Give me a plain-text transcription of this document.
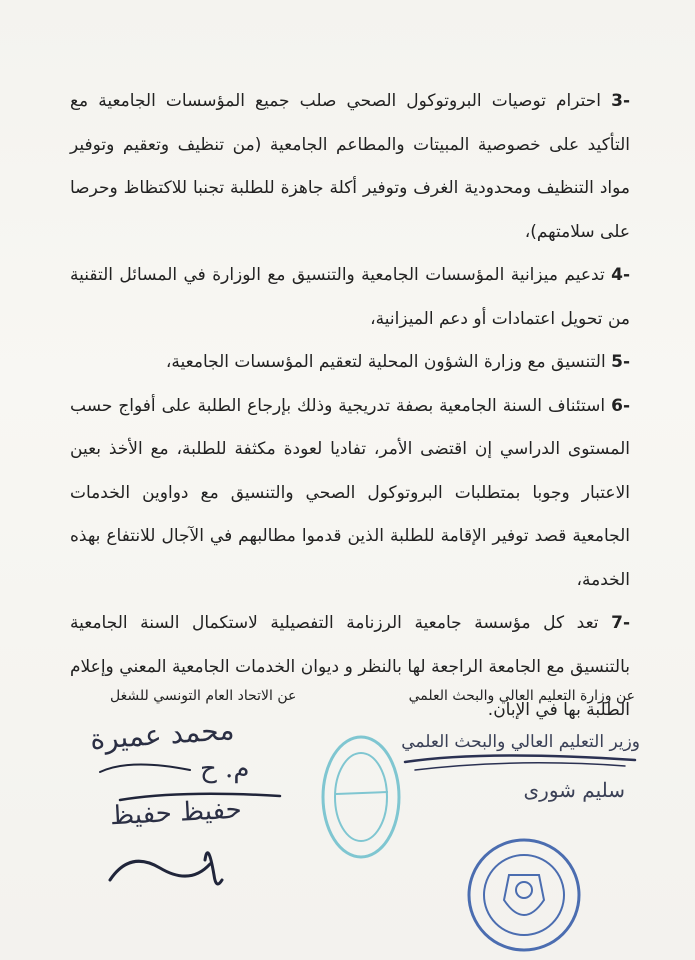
-3 احترام توصيات البروتوكول الصحي صلب جميع المؤسسات الجامعية مع التأكيد على خصوصية المبيتات والمطاعم الجامعية (من تنظيف وتعقيم وتوفير مواد التنظيف ومحدودية الغرف وتوفير أكلة جاهزة للطلبة تجنبا للاكتظاظ وحرصا على سلامتهم)،

-4 تدعيم ميزانية المؤسسات الجامعية والتنسيق مع الوزارة في المسائل التقنية من تحويل اعتمادات أو دعم الميزانية،

-5 التنسيق مع وزارة الشؤون المحلية لتعقيم المؤسسات الجامعية،

-6 استئناف السنة الجامعية بصفة تدريجية وذلك بإرجاع الطلبة على أفواج حسب المستوى الدراسي إن اقتضى الأمر، تفاديا لعودة مكثفة للطلبة، مع الأخذ بعين الاعتبار وجوبا بمتطلبات البروتوكول الصحي والتنسيق مع دواوين الخدمات الجامعية قصد توفير الإقامة للطلبة الذين قدموا مطالبهم في الآجال للانتفاع بهذه الخدمة،

-7 تعد كل مؤسسة جامعية الرزنامة التفصيلية لاستكمال السنة الجامعية بالتنسيق مع الجامعة الراجعة لها بالنظر و ديوان الخدمات الجامعية المعني وإعلام الطلبة بها في الإبان.

عن الاتحاد العام التونسي للشغل	عن وزارة التعليم العالي والبحث العلمي
محمد عميرة
م. ح
حفيظ حفيظ
وزير التعليم العالي والبحث العلمي
سليم شورى
